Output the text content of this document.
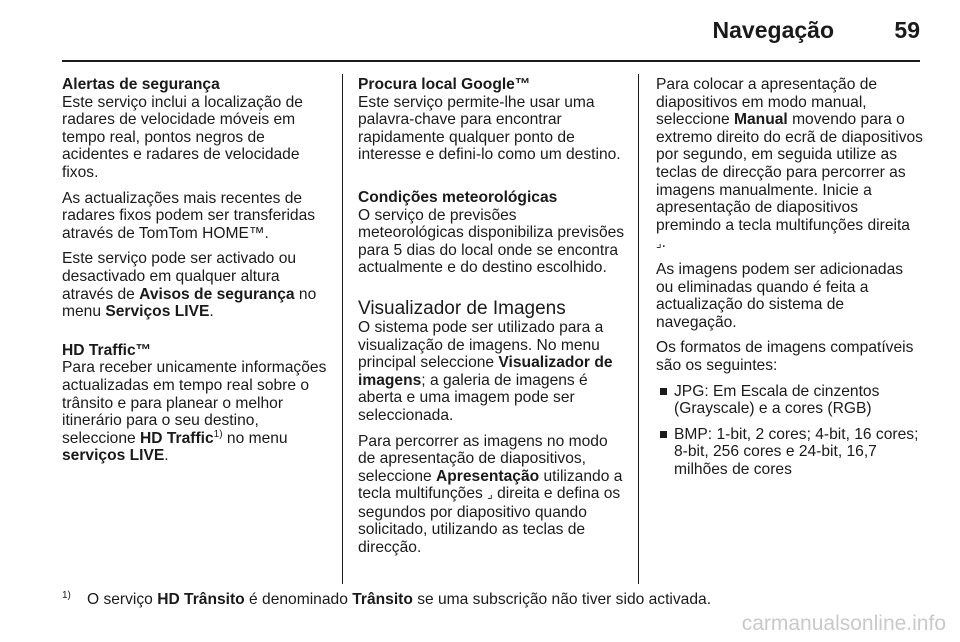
Navegação	59
Alertas de segurança

Este serviço inclui a localização de radares de velocidade móveis em tempo real, pontos negros de acidentes e radares de velocidade fixos.

As actualizações mais recentes de radares fixos podem ser transferidas através de TomTom HOME™.

Este serviço pode ser activado ou desactivado em qualquer altura através de Avisos de segurança no menu Serviços LIVE.

HD Traffic™

Para receber unicamente informações actualizadas em tempo real sobre o trânsito e para planear o melhor itinerário para o seu destino, seleccione HD Traffic$^{1)}$ no menu serviços LIVE.

Procura local Google™

Este serviço permite-lhe usar uma palavra-chave para encontrar rapidamente qualquer ponto de interesse e defini-lo como um destino.

Condições meteorológicas

O serviço de previsões meteorológicas disponibiliza previsões para 5 dias do local onde se encontra actualmente e do destino escolhido.

Visualizador de Imagens

O sistema pode ser utilizado para a visualização de imagens. No menu principal seleccione Visualizador de imagens; a galeria de imagens é aberta e uma imagem pode ser seleccionada.

Para percorrer as imagens no modo de apresentação de diapositivos, seleccione Apresentação utilizando a tecla multifunções ⌟ direita e defina os segundos por diapositivo quando solicitado, utilizando as teclas de direcção.

Para colocar a apresentação de diapositivos em modo manual, seleccione Manual movendo para o extremo direito do ecrã de diapositivos por segundo, em seguida utilize as teclas de direcção para percorrer as imagens manualmente. Inicie a apresentação de diapositivos premindo a tecla multifunções direita ⌟.

As imagens podem ser adicionadas ou eliminadas quando é feita a actualização do sistema de navegação.

Os formatos de imagens compatíveis são os seguintes:

JPG: Em Escala de cinzentos (Grayscale) e a cores (RGB)
BMP: 1-bit, 2 cores; 4-bit, 16 cores; 8-bit, 256 cores e 24-bit, 16,7 milhões de cores
1) O serviço HD Trânsito é denominado Trânsito se uma subscrição não tiver sido activada.
carmanualsonline.info
